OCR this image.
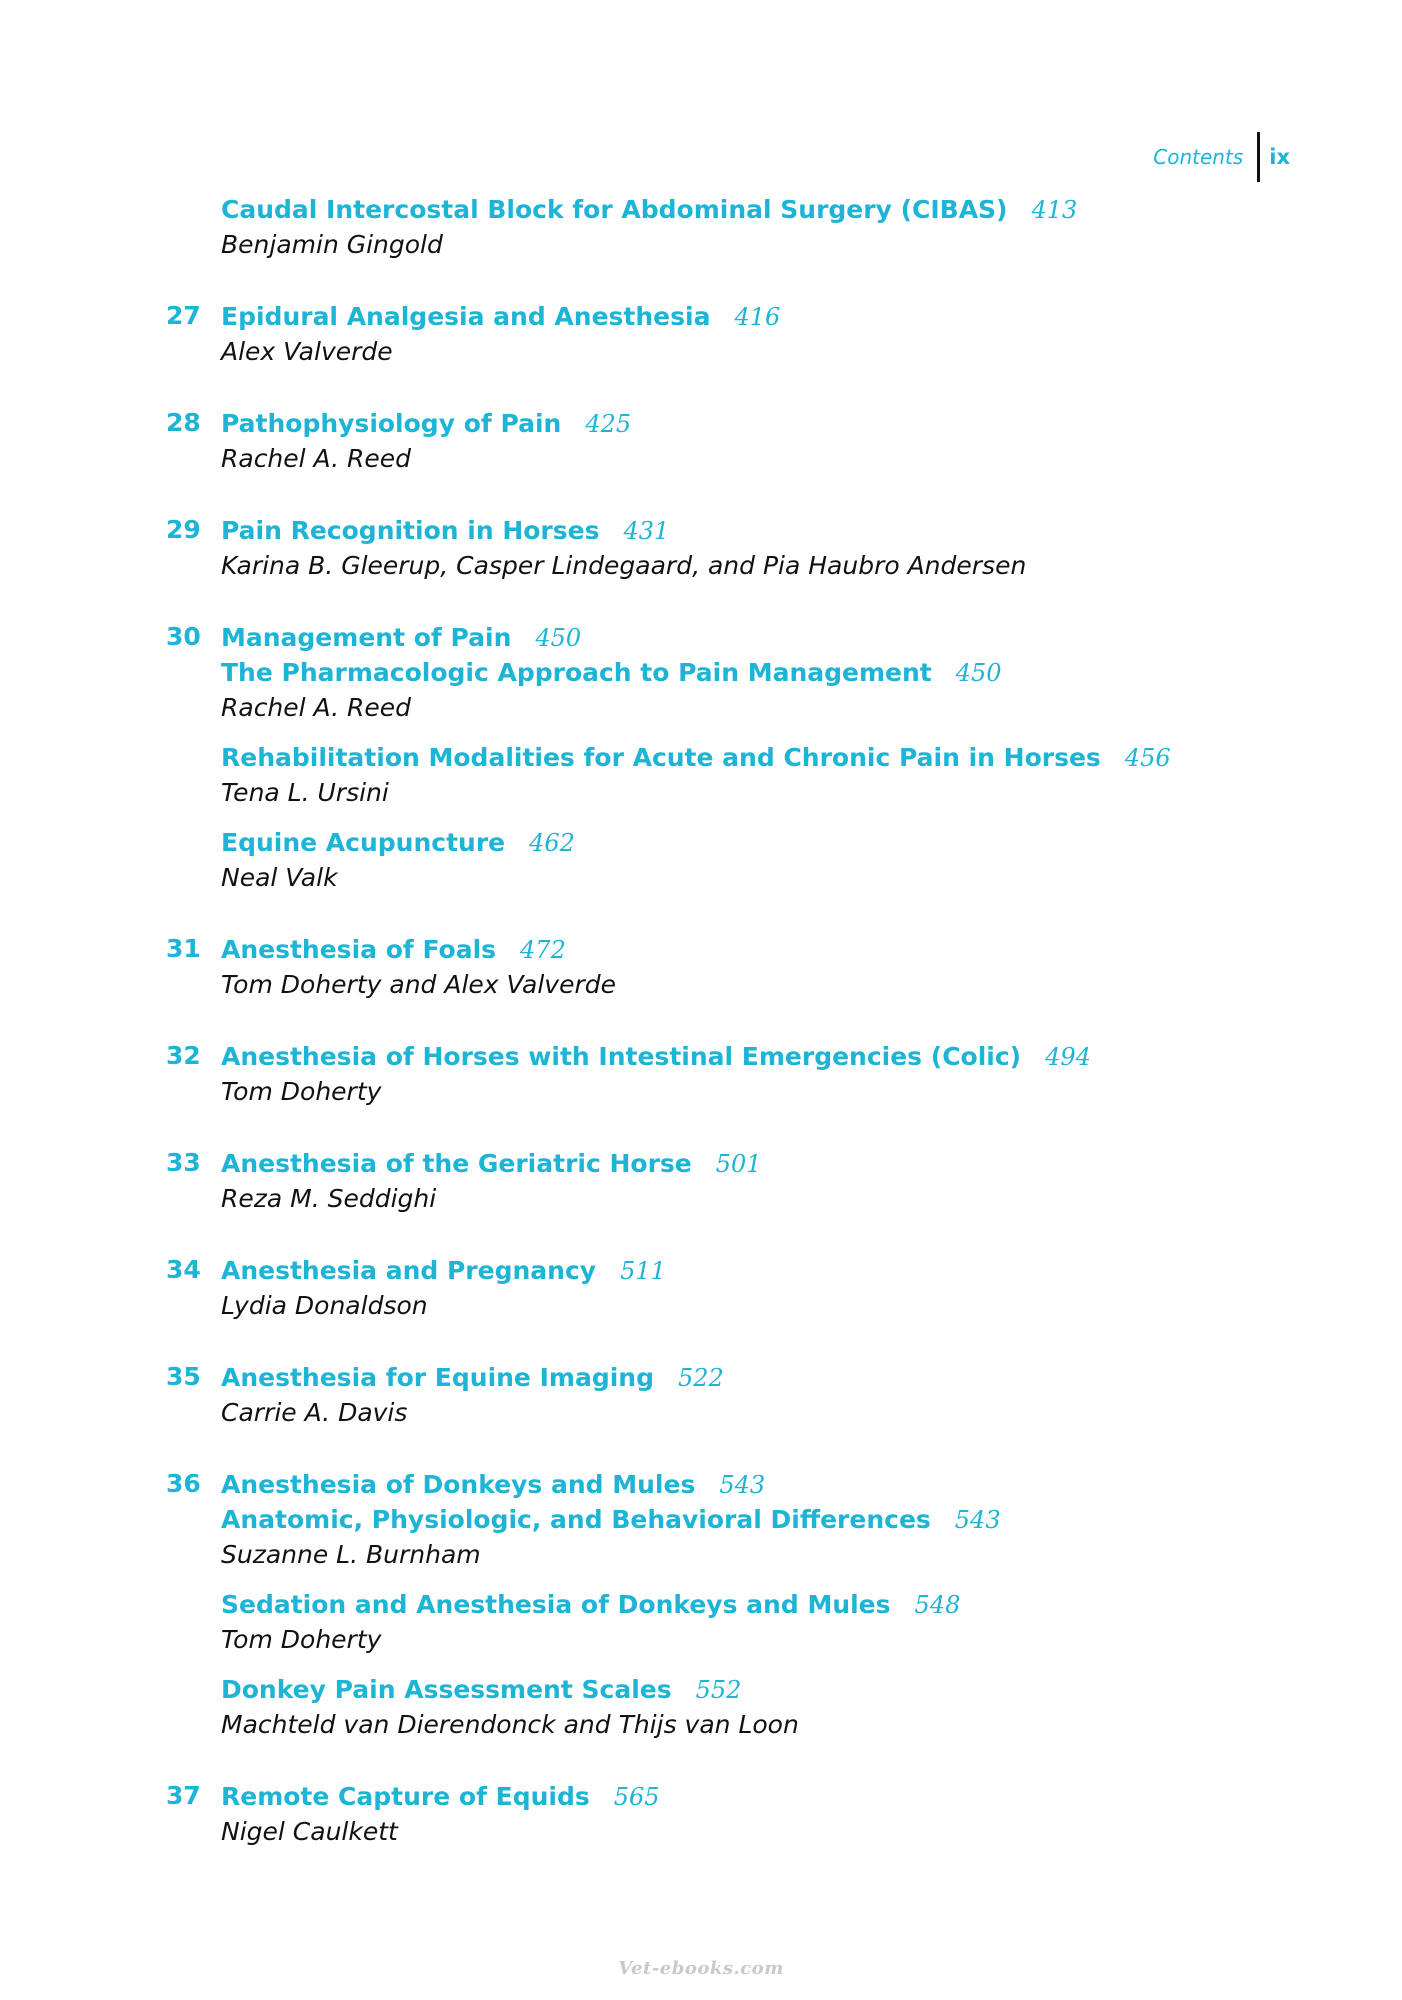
Contents	ix
Caudal Intercostal Block for Abdominal Surgery (CIBAS) 413
Benjamin Gingold
27 Epidural Analgesia and Anesthesia 416
Alex Valverde
28 Pathophysiology of Pain 425
Rachel A. Reed
29 Pain Recognition in Horses 431
Karina B. Gleerup, Casper Lindegaard, and Pia Haubro Andersen
30 Management of Pain 450
The Pharmacologic Approach to Pain Management 450
Rachel A. Reed
Rehabilitation Modalities for Acute and Chronic Pain in Horses 456
Tena L. Ursini
Equine Acupuncture 462
Neal Valk
31 Anesthesia of Foals 472
Tom Doherty and Alex Valverde
32 Anesthesia of Horses with Intestinal Emergencies (Colic) 494
Tom Doherty
33 Anesthesia of the Geriatric Horse 501
Reza M. Seddighi
34 Anesthesia and Pregnancy 511
Lydia Donaldson
35 Anesthesia for Equine Imaging 522
Carrie A. Davis
36 Anesthesia of Donkeys and Mules 543
Anatomic, Physiologic, and Behavioral Differences 543
Suzanne L. Burnham
Sedation and Anesthesia of Donkeys and Mules 548
Tom Doherty
Donkey Pain Assessment Scales 552
Machteld van Dierendonck and Thijs van Loon
37 Remote Capture of Equids 565
Nigel Caulkett
Vet-ebooks.com
